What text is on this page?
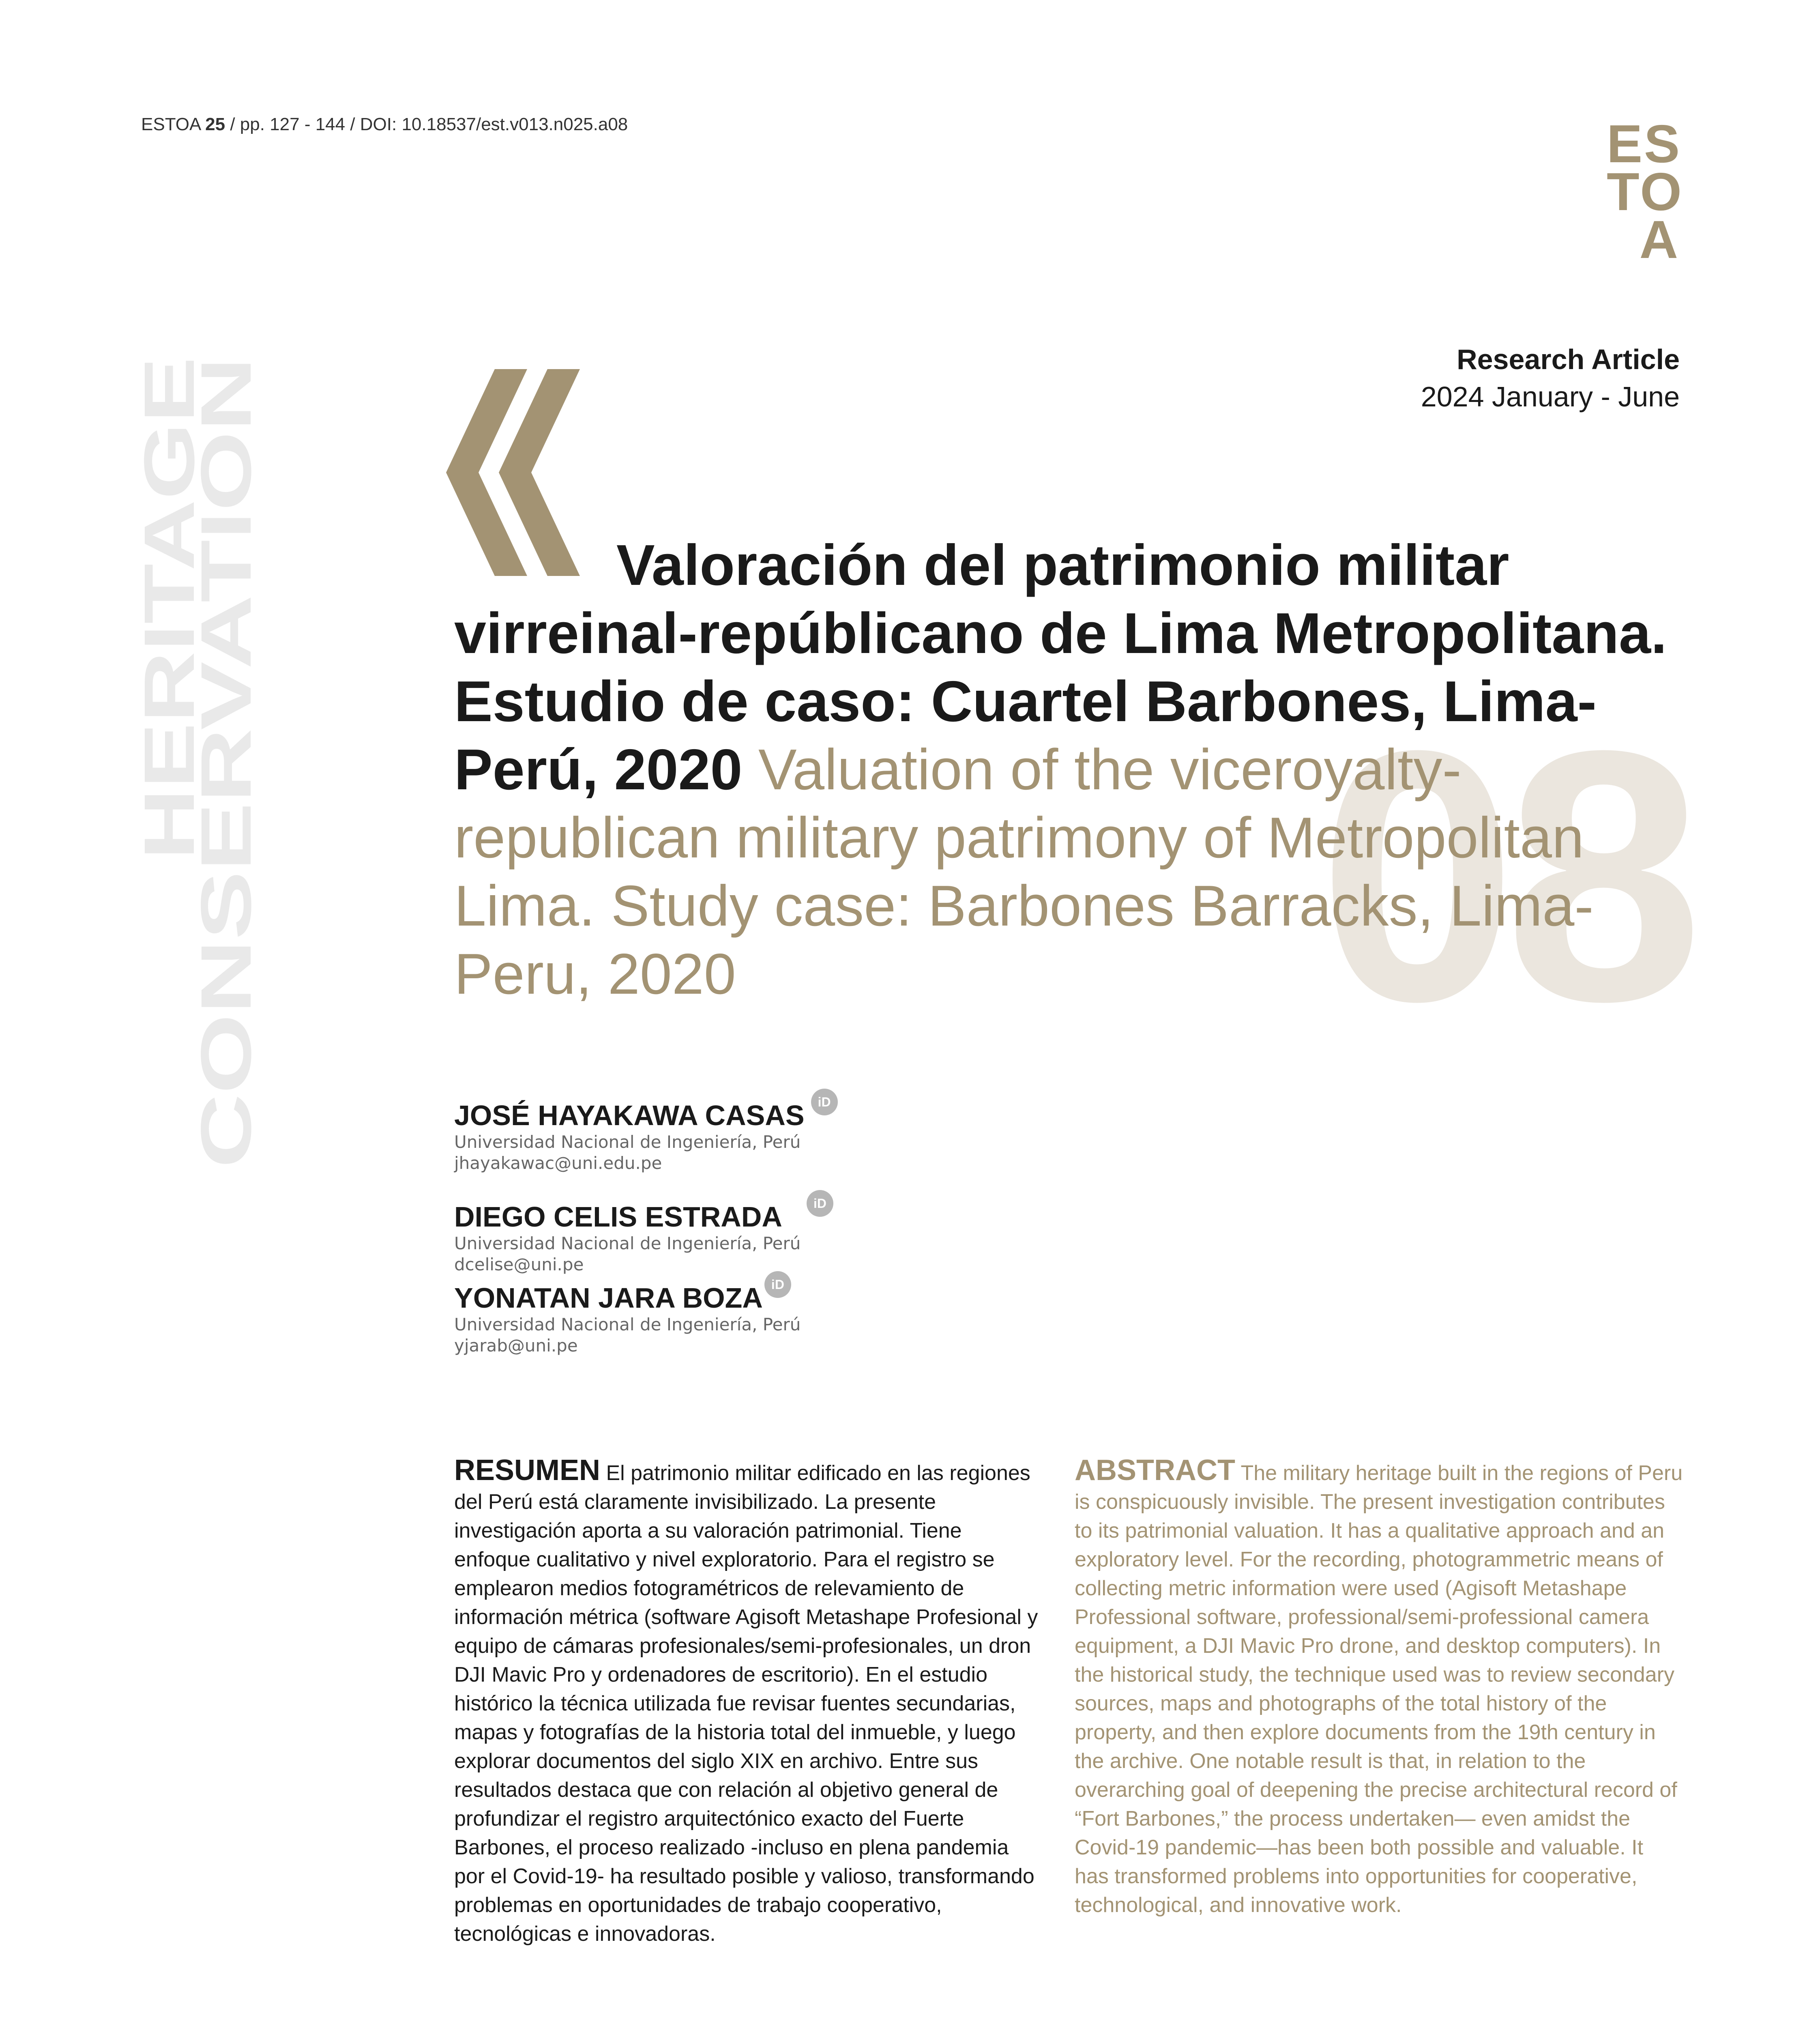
ESTOA 25 / pp. 127 - 144 / DOI: 10.18537/est.v013.n025.a08	ES
TO
A
HERITAGE
CONSERVATION
Research Article
2024 January - June
08
Valoración del patrimonio militar virreinal-repúblicano de Lima Metropolitana. Estudio de caso: Cuartel Barbones, Lima-Perú, 2020 Valuation of the viceroyalty-republican military patrimony of Metropolitan Lima. Study case: Barbones Barracks, Lima-Peru, 2020
JOSÉ HAYAKAWA CASAS iD
Universidad Nacional de Ingeniería, Perú
jhayakawac@uni.edu.pe
DIEGO CELIS ESTRADA iD
Universidad Nacional de Ingeniería, Perú
dcelise@uni.pe
YONATAN JARA BOZA iD
Universidad Nacional de Ingeniería, Perú
yjarab@uni.pe
RESUMEN El patrimonio militar edificado en las regiones del Perú está claramente invisibilizado. La presente investigación aporta a su valoración patrimonial. Tiene enfoque cualitativo y nivel exploratorio. Para el registro se emplearon medios fotogramétricos de relevamiento de información métrica (software Agisoft Metashape Profesional y equipo de cámaras profesionales/semi-profesionales, un dron DJI Mavic Pro y ordenadores de escritorio). En el estudio histórico la técnica utilizada fue revisar fuentes secundarias, mapas y fotografías de la historia total del inmueble, y luego explorar documentos del siglo XIX en archivo. Entre sus resultados destaca que con relación al objetivo general de profundizar el registro arquitectónico exacto del Fuerte Barbones, el proceso realizado -incluso en plena pandemia por el Covid-19- ha resultado posible y valioso, transformando problemas en oportunidades de trabajo cooperativo, tecnológicas e innovadoras.
ABSTRACT The military heritage built in the regions of Peru is conspicuously invisible. The present investigation contributes to its patrimonial valuation. It has a qualitative approach and an exploratory level. For the recording, photogrammetric means of collecting metric information were used (Agisoft Metashape Professional software, professional/semi-professional camera equipment, a DJI Mavic Pro drone, and desktop computers). In the historical study, the technique used was to review secondary sources, maps and photographs of the total history of the property, and then explore documents from the 19th century in the archive. One notable result is that, in relation to the overarching goal of deepening the precise architectural record of “Fort Barbones,” the process undertaken— even amidst the Covid-19 pandemic—has been both possible and valuable. It has transformed problems into opportunities for cooperative, technological, and innovative work.
